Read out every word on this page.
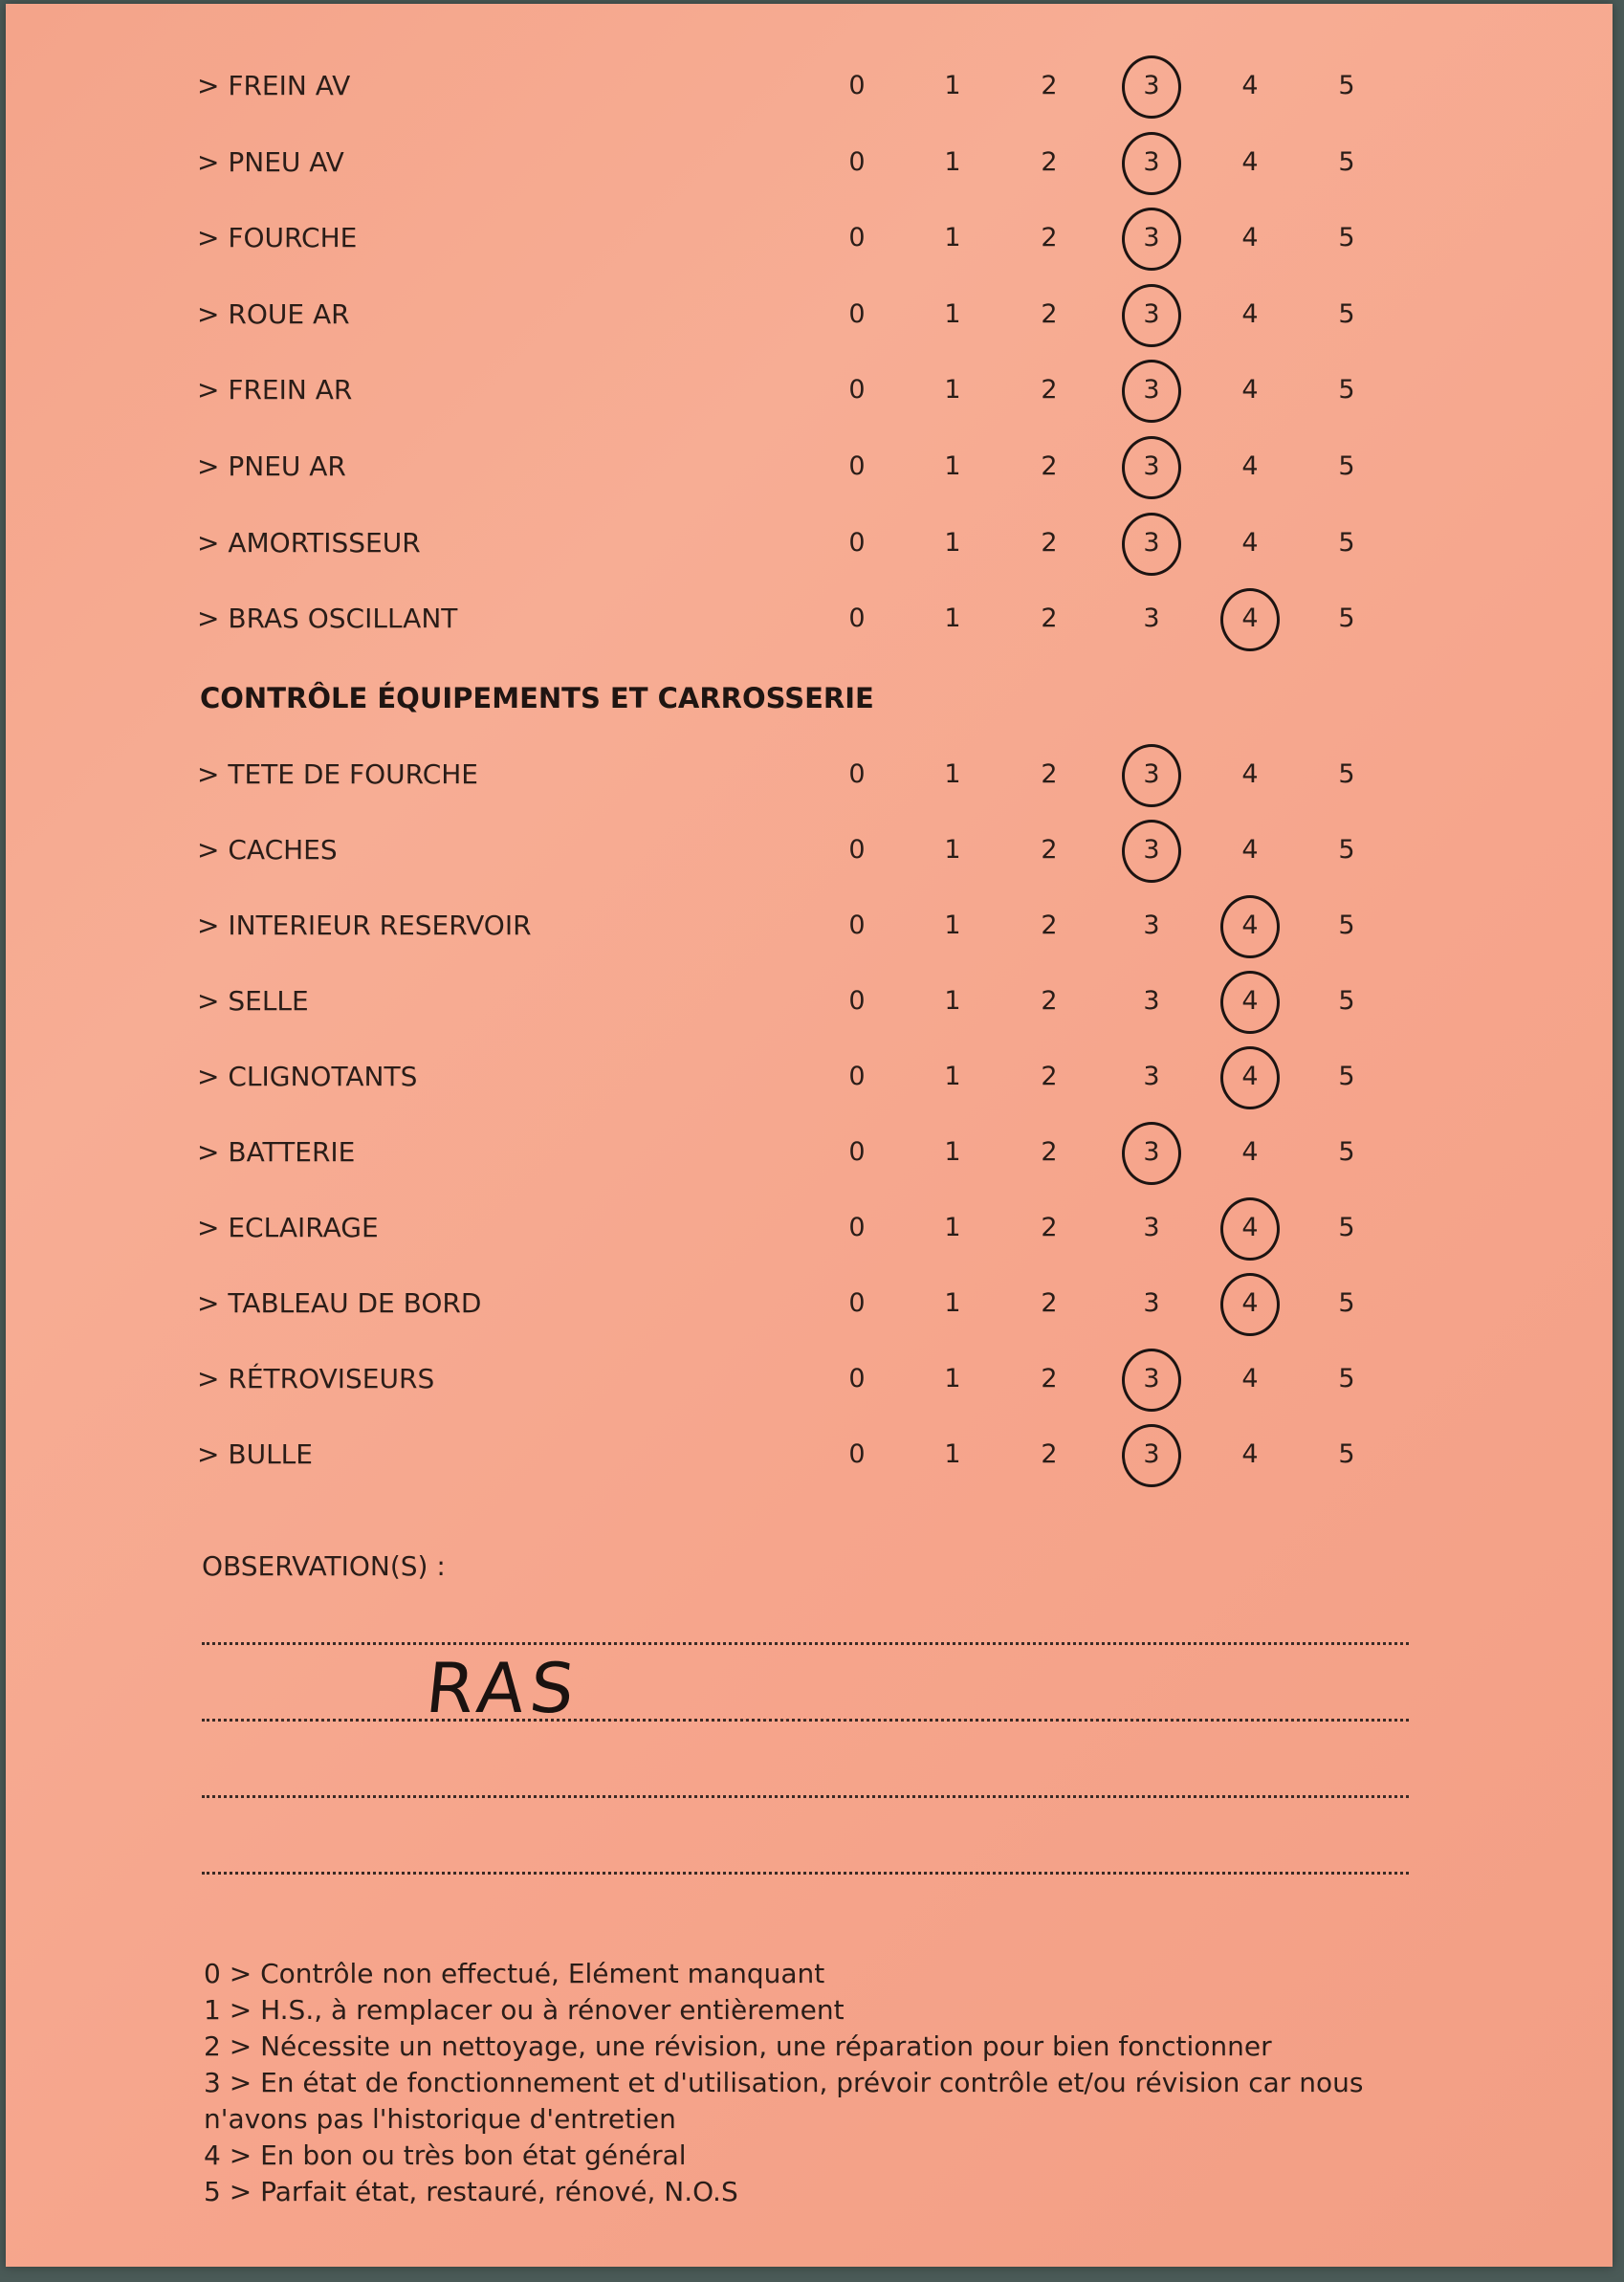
> FREIN AV	0	1	2	3	4	5
> PNEU AV	0	1	2	3	4	5
> FOURCHE	0	1	2	3	4	5
> ROUE AR	0	1	2	3	4	5
> FREIN AR	0	1	2	3	4	5
> PNEU AR	0	1	2	3	4	5
> AMORTISSEUR	0	1	2	3	4	5
> BRAS OSCILLANT	0	1	2	3	4	5
> TETE DE FOURCHE	0	1	2	3	4	5
> CACHES	0	1	2	3	4	5
> INTERIEUR RESERVOIR	0	1	2	3	4	5
> SELLE	0	1	2	3	4	5
> CLIGNOTANTS	0	1	2	3	4	5
> BATTERIE	0	1	2	3	4	5
> ECLAIRAGE	0	1	2	3	4	5
> TABLEAU DE BORD	0	1	2	3	4	5
> RÉTROVISEURS	0	1	2	3	4	5
> BULLE	0	1	2	3	4	5
CONTRÔLE ÉQUIPEMENTS ET CARROSSERIE
OBSERVATION(S) :
RAS
0 > Contrôle non effectué, Elément manquant
1 > H.S., à remplacer ou à rénover entièrement
2 > Nécessite un nettoyage, une révision, une réparation pour bien fonctionner
3 > En état de fonctionnement et d'utilisation, prévoir contrôle et/ou révision car nous
n'avons pas l'historique d'entretien
4 > En bon ou très bon état général
5 > Parfait état, restauré, rénové, N.O.S
